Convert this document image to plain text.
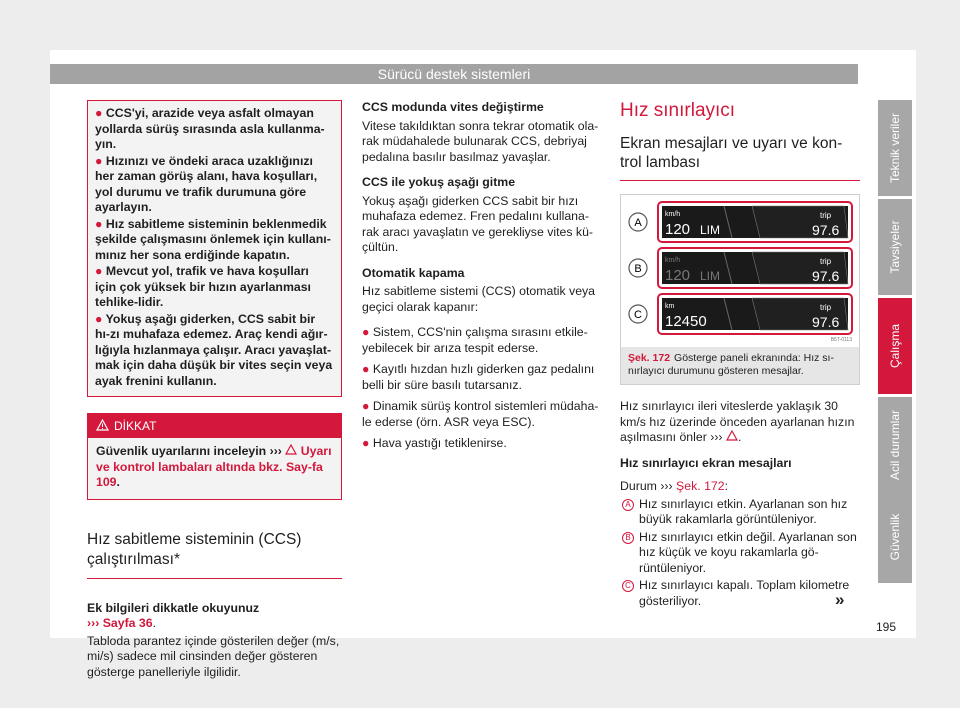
Sürücü destek sistemleri
Teknik veriler
Tavsiyeler
Çalışma
Acil durumlar
Güvenlik

● CCS'yi, arazide veya asfalt olmayan yollarda sürüş sırasında asla kullanma-yın.

● Hızınızı ve öndeki araca uzaklığınızı her zaman görüş alanı, hava koşulları, yol durumu ve trafik durumuna göre ayarlayın.

● Hız sabitleme sisteminin beklenmedik şekilde çalışmasını önlemek için kullanı-mınız her sona erdiğinde kapatın.

● Mevcut yol, trafik ve hava koşulları için çok yüksek bir hızın ayarlanması tehlike-lidir.

● Yokuş aşağı giderken, CCS sabit bir hı-zı muhafaza edemez. Araç kendi ağır-lığıyla hızlanmaya çalışır. Aracı yavaşlat-mak için daha düşük bir vites seçin veya ayak frenini kullanın.

DİKKAT
Güvenlik uyarılarını inceleyin ››› Uyarı ve kontrol lambaları altında bkz. Say-fa 109.
Hız sabitleme sisteminin (CCS) çalıştırılması*
Ek bilgileri dikkatle okuyunuz
››› Sayfa 36.
Tabloda parantez içinde gösterilen değer (m/s, mi/s) sadece mil cinsinden değer gösteren gösterge panelleriyle ilgilidir.
CCS modunda vites değiştirme

Vitese takıldıktan sonra tekrar otomatik ola-rak müdahalede bulunarak CCS, debriyaj pedalına basılır basılmaz yavaşlar.

CCS ile yokuş aşağı gitme

Yokuş aşağı giderken CCS sabit bir hızı muhafaza edemez. Fren pedalını kullana-rak aracı yavaşlatın ve gerekliyse vites kü-çültün.

Otomatik kapama

Hız sabitleme sistemi (CCS) otomatik veya geçici olarak kapanır:

● Sistem, CCS'nin çalışma sırasını etkile-yebilecek bir arıza tespit ederse.
● Kayıtlı hızdan hızlı giderken gaz pedalını belli bir süre basılı tutarsanız.
● Dinamik sürüş kontrol sistemleri müdaha-le ederse (örn. ASR veya ESC).
● Hava yastığı tetiklenirse.
Hız sınırlayıcı
Ekran mesajları ve uyarı ve kon-trol lambası
A
km/h
120 LIM
trip
97.6
B
km/h
120 LIM
trip
97.6
C
km
12450
trip
97.6
B5T-0113
Şek. 172 Gösterge paneli ekranında: Hız sı-nırlayıcı durumunu gösteren mesajlar.

Hız sınırlayıcı ileri viteslerde yaklaşık 30 km/s hız üzerinde önceden ayarlanan hızın aşılmasını önler ››› .

Hız sınırlayıcı ekran mesajları
Durum ››› Şek. 172:
A Hız sınırlayıcı etkin. Ayarlanan son hız büyük rakamlarla görüntüleniyor.
B Hız sınırlayıcı etkin değil. Ayarlanan son hız küçük ve koyu rakamlarla gö-rüntüleniyor.
C Hız sınırlayıcı kapalı. Toplam kilometre gösteriliyor.	»
195
